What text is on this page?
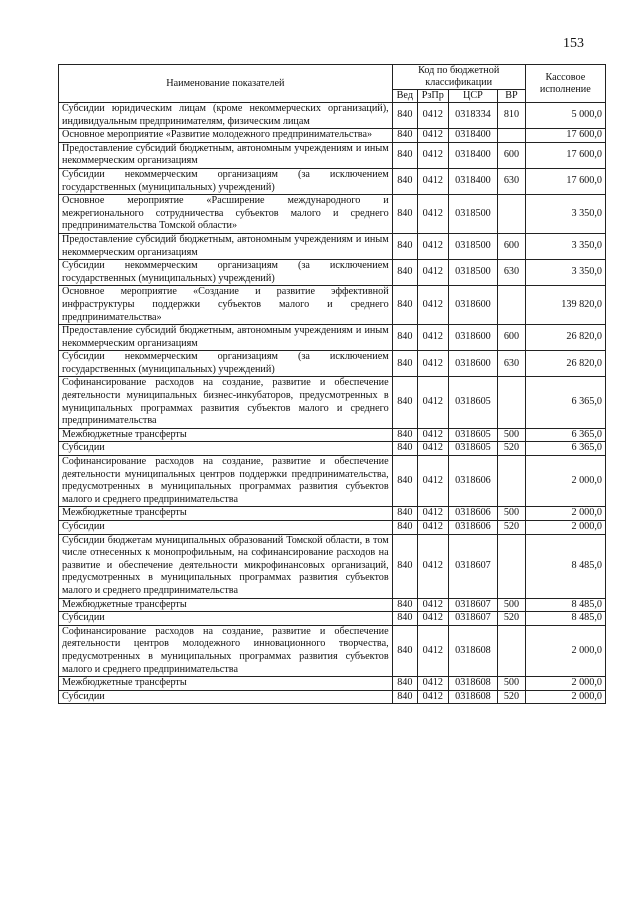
153
Наименование показателей	Код по бюджетной классификации				Кассовое исполнение
	Вед	РзПр	ЦСР	ВР	
Субсидии юридическим лицам (кроме некоммерческих организаций), индивидуальным предпринимателям, физическим лицам	840	0412	0318334	810	5 000,0
Основное мероприятие «Развитие молодежного предпринимательства»	840	0412	0318400		17 600,0
Предоставление субсидий бюджетным, автономным учреждениям и иным некоммерческим организациям	840	0412	0318400	600	17 600,0
Субсидии некоммерческим организациям (за исключением государственных (муниципальных) учреждений)	840	0412	0318400	630	17 600,0
Основное мероприятие «Расширение международного и межрегионального сотрудничества субъектов малого и среднего предпринимательства Томской области»	840	0412	0318500		3 350,0
Предоставление субсидий бюджетным, автономным учреждениям и иным некоммерческим организациям	840	0412	0318500	600	3 350,0
Субсидии некоммерческим организациям (за исключением государственных (муниципальных) учреждений)	840	0412	0318500	630	3 350,0
Основное мероприятие «Создание и развитие эффективной инфраструктуры поддержки субъектов малого и среднего предпринимательства»	840	0412	0318600		139 820,0
Предоставление субсидий бюджетным, автономным учреждениям и иным некоммерческим организациям	840	0412	0318600	600	26 820,0
Субсидии некоммерческим организациям (за исключением государственных (муниципальных) учреждений)	840	0412	0318600	630	26 820,0
Софинансирование расходов на создание, развитие и обеспечение деятельности муниципальных бизнес-инкубаторов, предусмотренных в муниципальных программах развития субъектов малого и среднего предпринимательства	840	0412	0318605		6 365,0
Межбюджетные трансферты	840	0412	0318605	500	6 365,0
Субсидии	840	0412	0318605	520	6 365,0
Софинансирование расходов на создание, развитие и обеспечение деятельности муниципальных центров поддержки предпринимательства, предусмотренных в муниципальных программах развития субъектов малого и среднего предпринимательства	840	0412	0318606		2 000,0
Межбюджетные трансферты	840	0412	0318606	500	2 000,0
Субсидии	840	0412	0318606	520	2 000,0
Субсидии бюджетам муниципальных образований Томской области, в том числе отнесенных к монопрофильным, на софинансирование расходов на развитие и обеспечение деятельности микрофинансовых организаций, предусмотренных в муниципальных программах развития субъектов малого и среднего предпринимательства	840	0412	0318607		8 485,0
Межбюджетные трансферты	840	0412	0318607	500	8 485,0
Субсидии	840	0412	0318607	520	8 485,0
Софинансирование расходов на создание, развитие и обеспечение деятельности центров молодежного инновационного творчества, предусмотренных в муниципальных программах развития субъектов малого и среднего предпринимательства	840	0412	0318608		2 000,0
Межбюджетные трансферты	840	0412	0318608	500	2 000,0
Субсидии	840	0412	0318608	520	2 000,0
